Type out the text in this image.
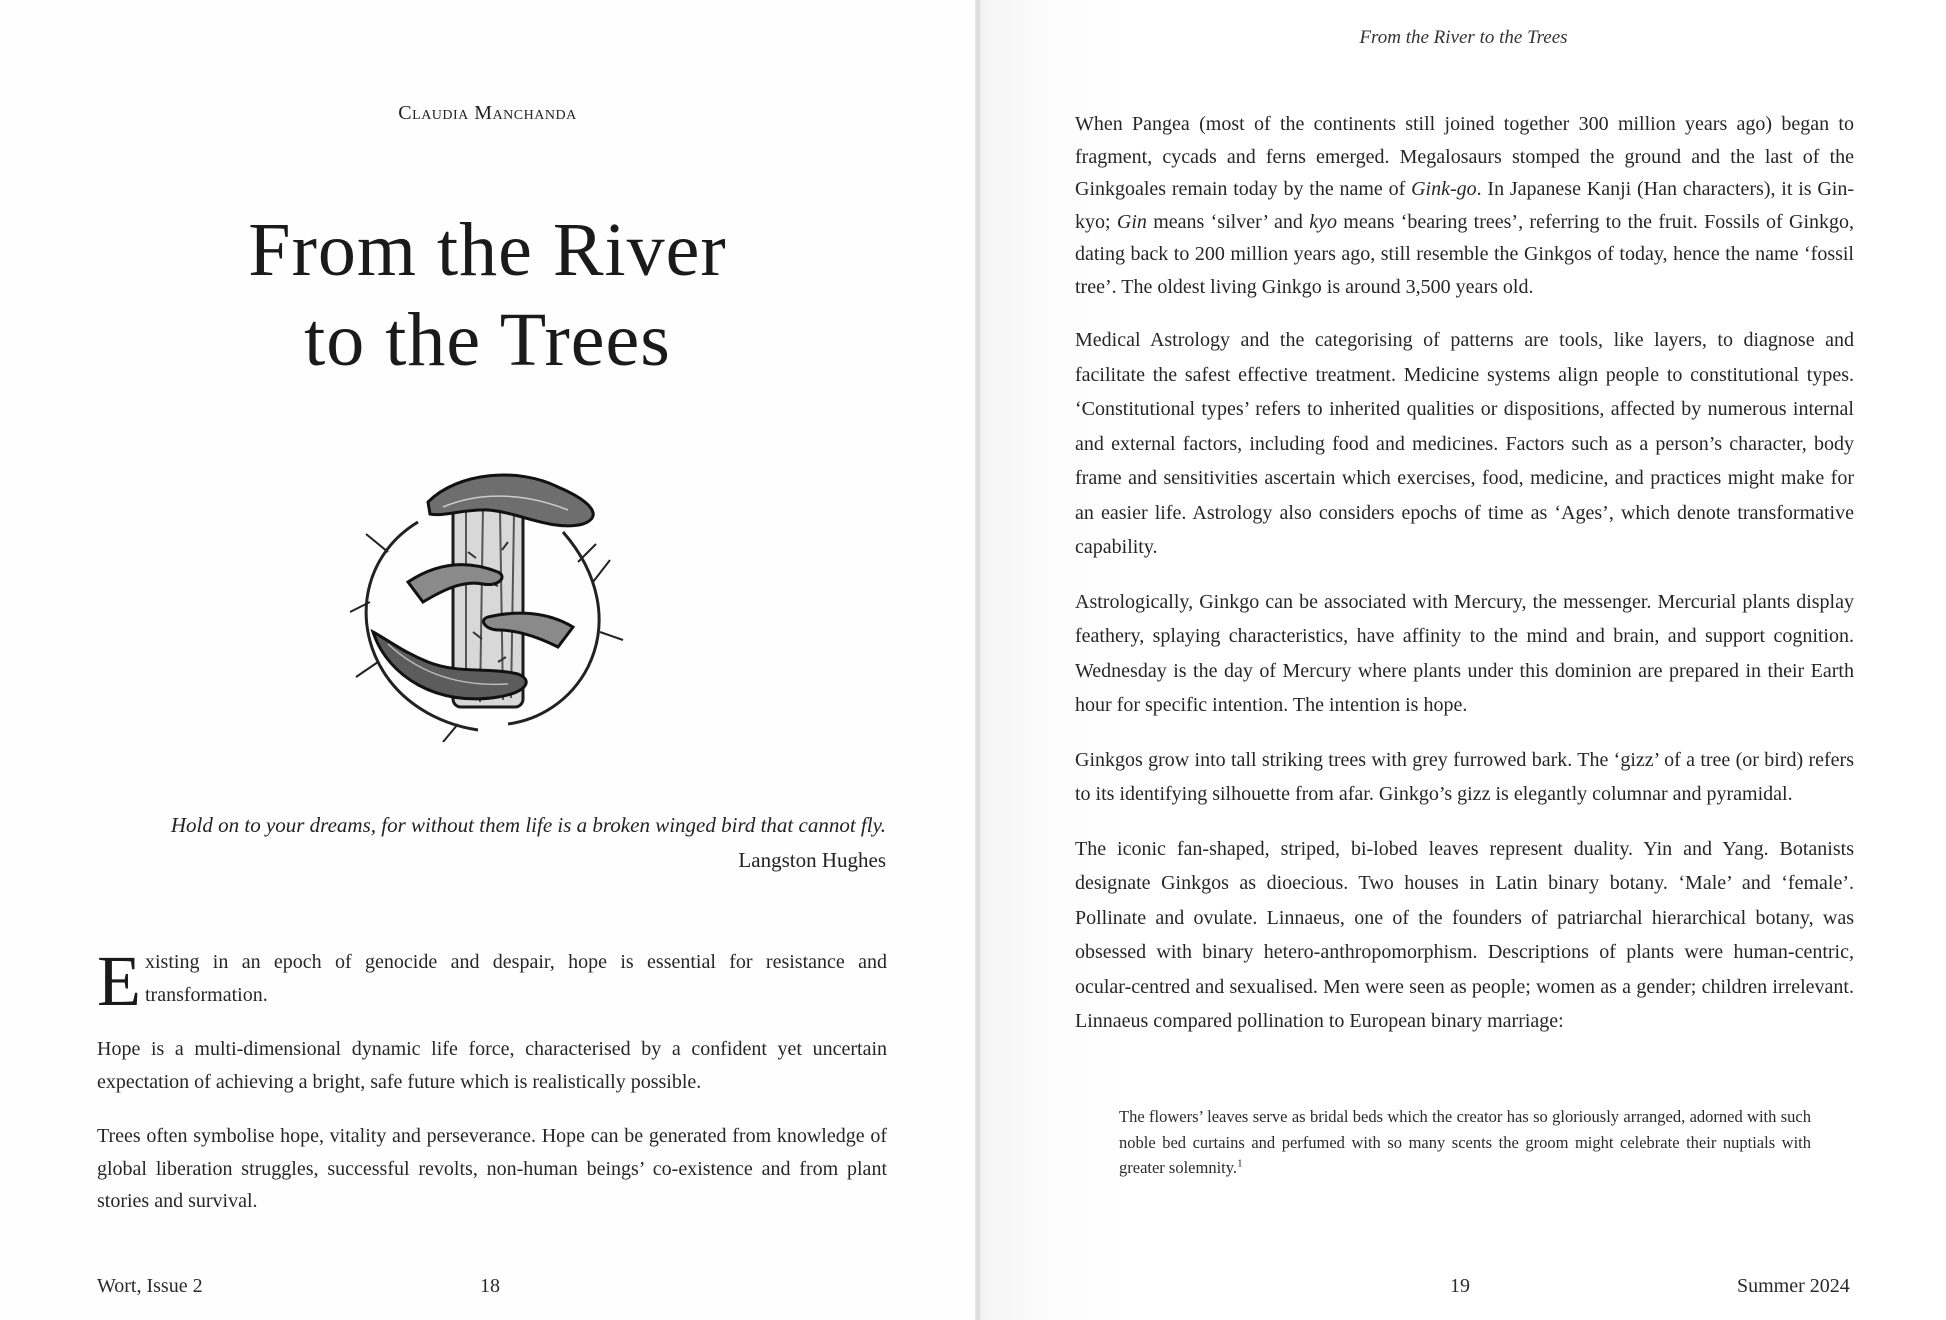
Claudia Manchanda
From the River
to the Trees
Hold on to your dreams, for without them life is a broken winged bird that cannot fly.
Langston Hughes

Existing in an epoch of genocide and despair, hope is essential for resistance and transformation.

Hope is a multi-dimensional dynamic life force, characterised by a confident yet uncertain expectation of achieving a bright, safe future which is realistically possible.

Trees often symbolise hope, vitality and perseverance. Hope can be generated from knowledge of global liberation struggles, successful revolts, non-human beings’ co-existence and from plant stories and survival.

Wort, Issue 2	18
From the River to the Trees

When Pangea (most of the continents still joined together 300 million years ago) began to fragment, cycads and ferns emerged. Megalosaurs stomped the ground and the last of the Ginkgoales remain today by the name of Gink-go. In Japanese Kanji (Han characters), it is Gin-kyo; Gin means ‘silver’ and kyo means ‘bearing trees’, referring to the fruit. Fossils of Ginkgo, dating back to 200 million years ago, still resemble the Ginkgos of today, hence the name ‘fossil tree’. The oldest living Ginkgo is around 3,500 years old.

Medical Astrology and the categorising of patterns are tools, like layers, to diagnose and facilitate the safest effective treatment. Medicine systems align people to constitutional types. ‘Constitutional types’ refers to inherited qualities or dispositions, affected by numerous internal and external factors, including food and medicines. Factors such as a person’s character, body frame and sensitivities ascertain which exercises, food, medicine, and practices might make for an easier life. Astrology also considers epochs of time as ‘Ages’, which denote transformative capability.

Astrologically, Ginkgo can be associated with Mercury, the messenger. Mercurial plants display feathery, splaying characteristics, have affinity to the mind and brain, and support cognition. Wednesday is the day of Mercury where plants under this dominion are prepared in their Earth hour for specific intention. The intention is hope.

Ginkgos grow into tall striking trees with grey furrowed bark. The ‘gizz’ of a tree (or bird) refers to its identifying silhouette from afar. Ginkgo’s gizz is elegantly columnar and pyramidal.

The iconic fan-shaped, striped, bi-lobed leaves represent duality. Yin and Yang. Botanists designate Ginkgos as dioecious. Two houses in Latin binary botany. ‘Male’ and ‘female’. Pollinate and ovulate. Linnaeus, one of the founders of patriarchal hierarchical botany, was obsessed with binary hetero-anthropomorphism. Descriptions of plants were human-centric, ocular-centred and sexualised. Men were seen as people; women as a gender; children irrelevant. Linnaeus compared pollination to European binary marriage:

The flowers’ leaves serve as bridal beds which the creator has so gloriously arranged, adorned with such noble bed curtains and perfumed with so many scents the groom might celebrate their nuptials with greater solemnity.$^1$
19	Summer 2024
